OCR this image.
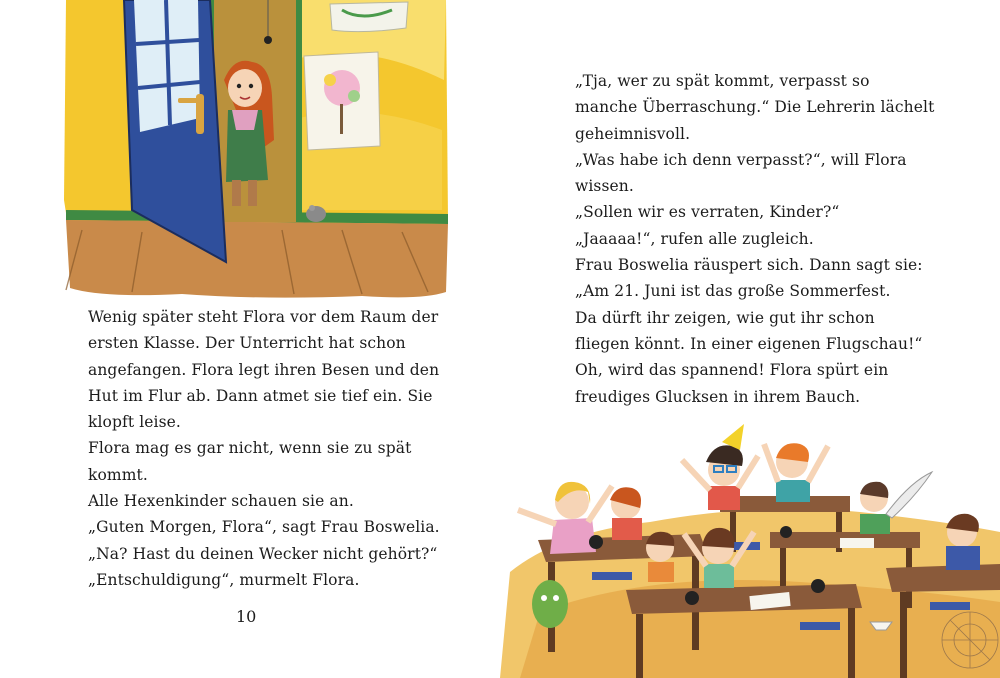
Wenig später steht Flora vor dem Raum der
ersten Klasse. Der Unterricht hat schon
angefangen. Flora legt ihren Besen und den
Hut im Flur ab. Dann atmet sie tief ein. Sie
klopft leise.
Flora mag es gar nicht, wenn sie zu spät
kommt.
Alle Hexenkinder schauen sie an.
„Guten Morgen, Flora“, sagt Frau Boswelia.
„Na? Hast du deinen Wecker nicht gehört?“
„Entschuldigung“, murmelt Flora.
10
„Tja, wer zu spät kommt, verpasst so
manche Überraschung.“ Die Lehrerin lächelt
geheimnisvoll.
„Was habe ich denn verpasst?“, will Flora
wissen.
„Sollen wir es verraten, Kinder?“
„Jaaaaa!“, rufen alle zugleich.
Frau Boswelia räuspert sich. Dann sagt sie:
„Am 21. Juni ist das große Sommerfest.
Da dürft ihr zeigen, wie gut ihr schon
fliegen könnt. In einer eigenen Flugschau!“
Oh, wird das spannend! Flora spürt ein
freudiges Glucksen in ihrem Bauch.
